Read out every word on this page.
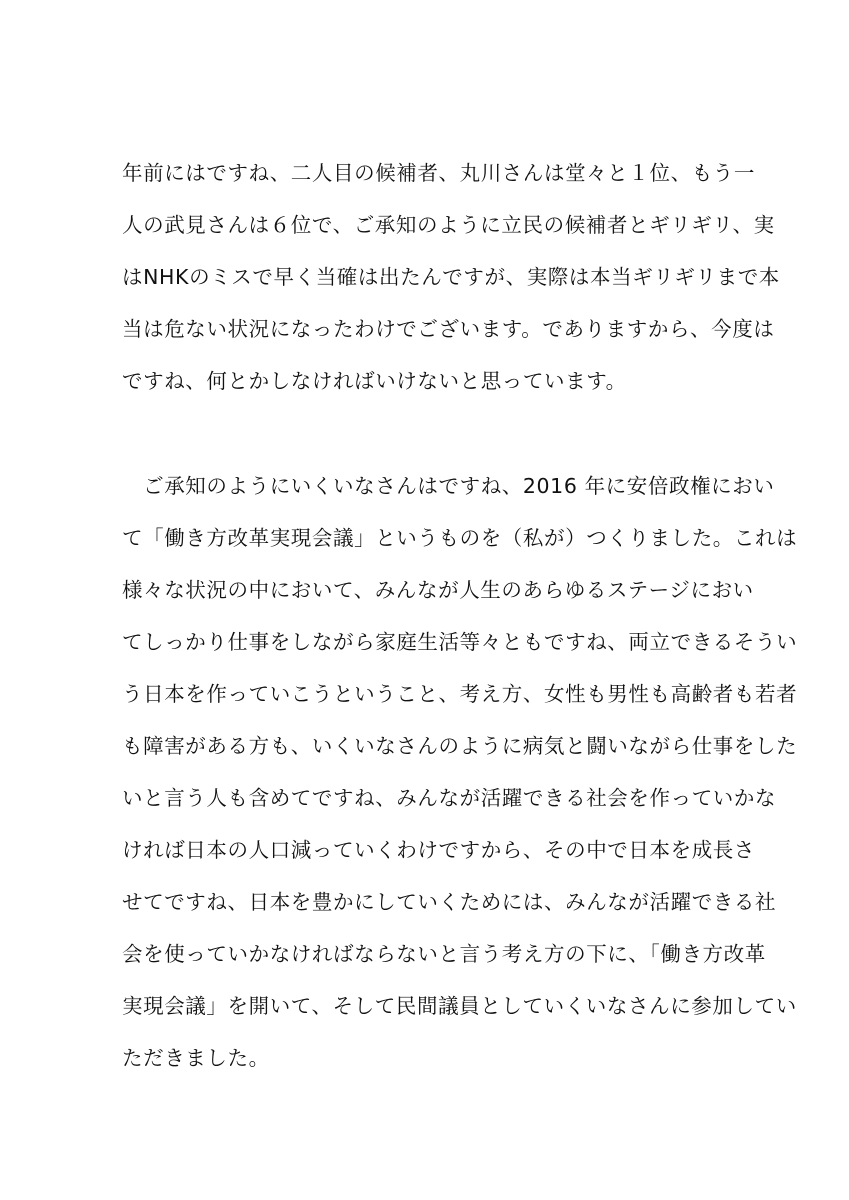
年前にはですね、二人目の候補者、丸川さんは堂々と１位、もう一
人の武見さんは６位で、ご承知のように立民の候補者とギリギリ、実
はNHKのミスで早く当確は出たんですが、実際は本当ギリギリまで本
当は危ない状況になったわけでございます。でありますから、今度は
ですね、何とかしなければいけないと思っています。
　ご承知のようにいくいなさんはですね、2016 年に安倍政権におい
て「働き方改革実現会議」というものを（私が）つくりました。これは
様々な状況の中において、みんなが人生のあらゆるステージにおい
てしっかり仕事をしながら家庭生活等々ともですね、両立できるそうい
う日本を作っていこうということ、考え方、女性も男性も高齢者も若者
も障害がある方も、いくいなさんのように病気と闘いながら仕事をした
いと言う人も含めてですね、みんなが活躍できる社会を作っていかな
ければ日本の人口減っていくわけですから、その中で日本を成長さ
せてですね、日本を豊かにしていくためには、みんなが活躍できる社
会を使っていかなければならないと言う考え方の下に、「働き方改革
実現会議」を開いて、そして民間議員としていくいなさんに参加してい
ただきました。
